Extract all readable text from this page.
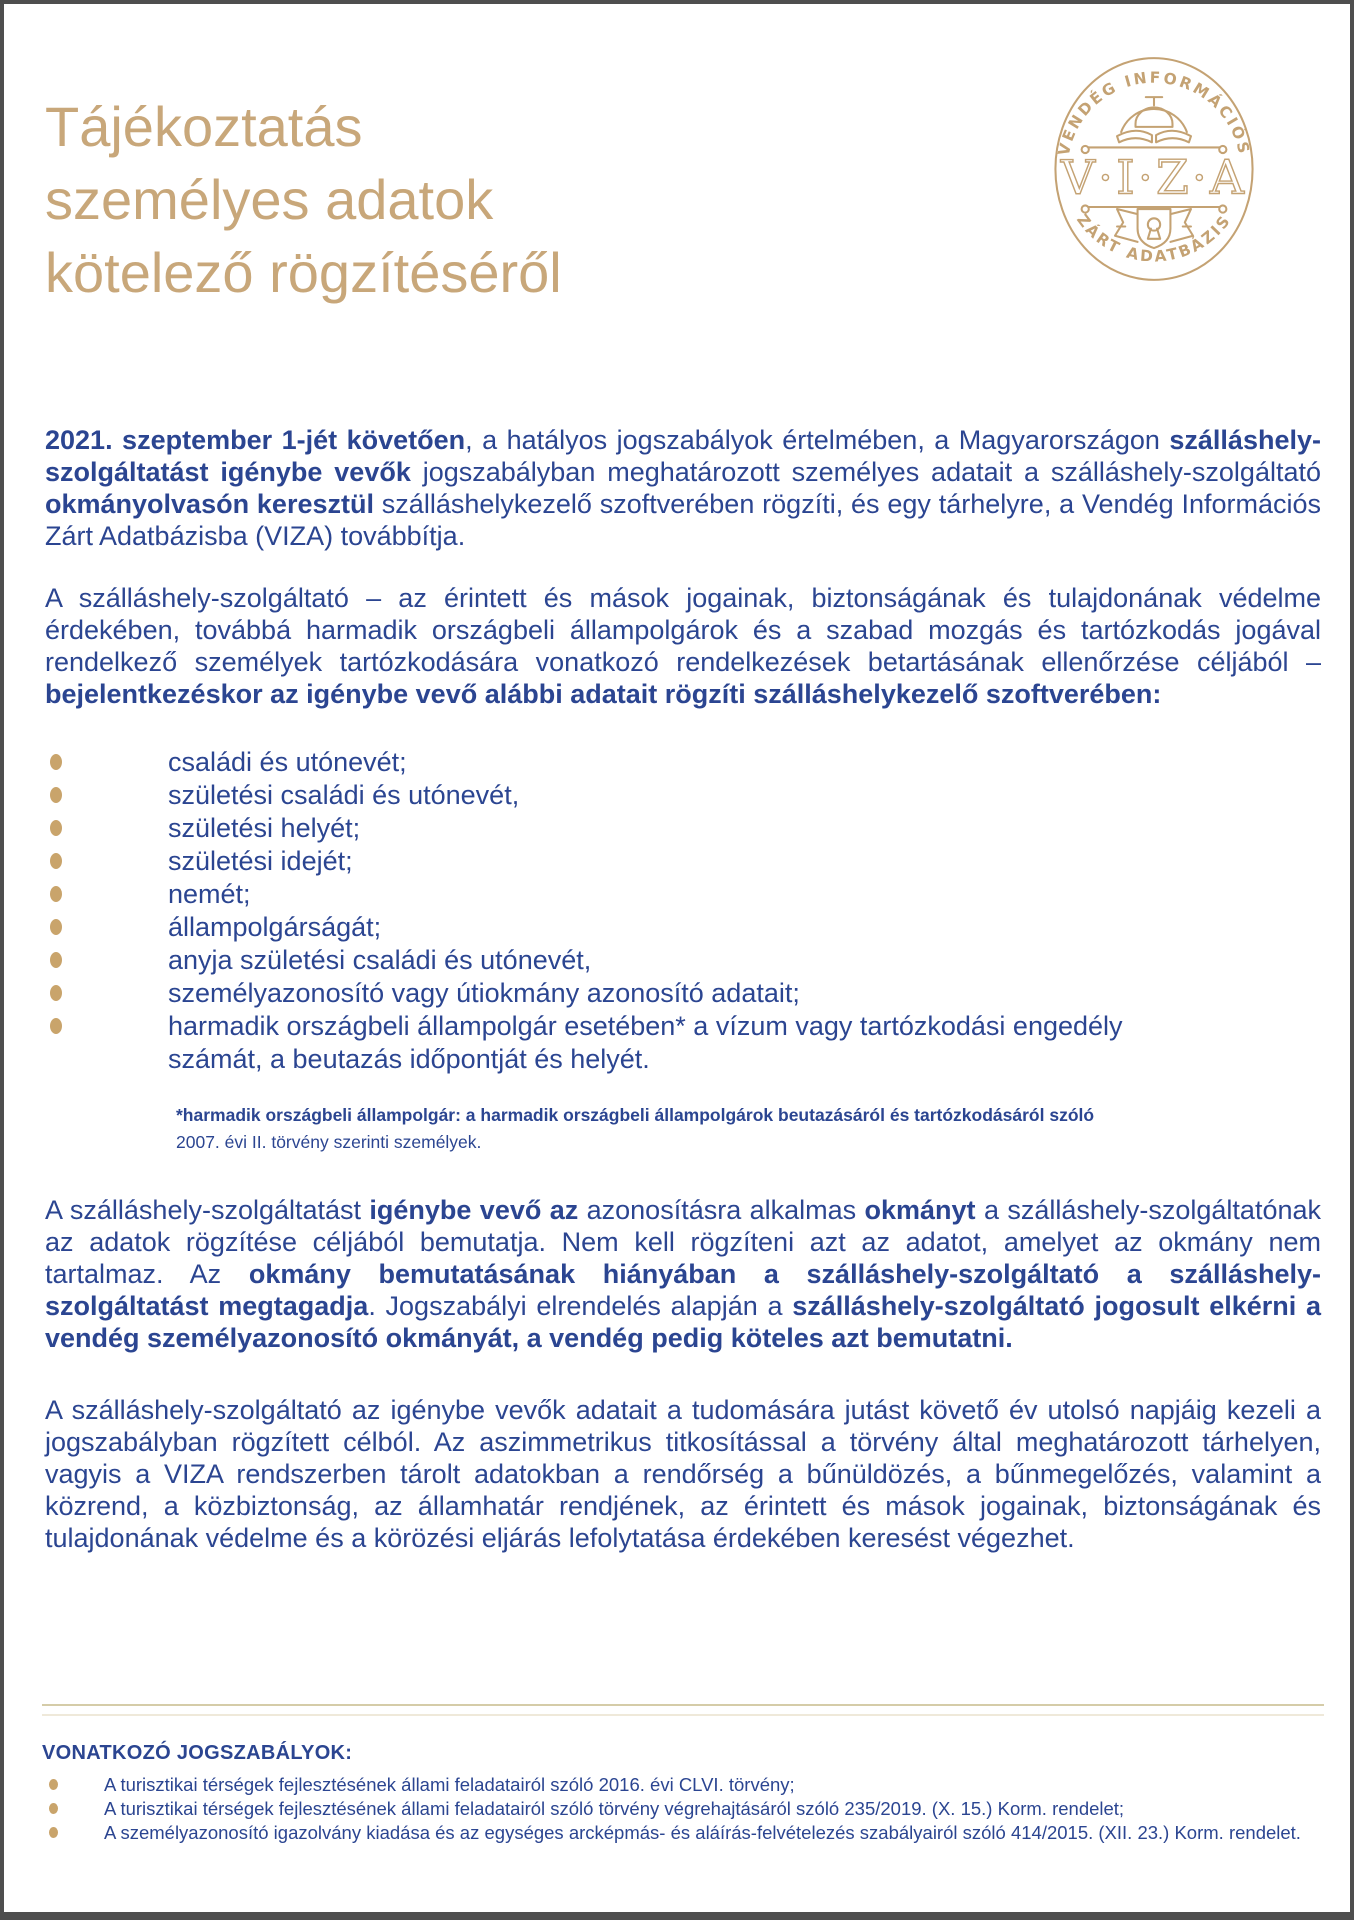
Tájékoztatás
személyes adatok
kötelező rögzítéséről
VENDÉG INFORMÁCIÓS
ZÁRT ADATBÁZIS
V·I·Z·A

2021. szeptember 1-jét követően, a hatályos jogszabályok értelmében, a Magyarországon szálláshely-szolgáltatást igénybe vevők jogszabályban meghatározott személyes adatait a szálláshely-szolgáltató okmányolvasón keresztül szálláshelykezelő szoftverében rögzíti, és egy tárhelyre, a Vendég Információs Zárt Adatbázisba (VIZA) továbbítja.

A szálláshely-szolgáltató – az érintett és mások jogainak, biztonságának és tulajdonának védelme érdekében, továbbá harmadik országbeli állampolgárok és a szabad mozgás és tartózkodás jogával rendelkező személyek tartózkodására vonatkozó rendelkezések betartásának ellenőrzése céljából – bejelentkezéskor az igénybe vevő alábbi adatait rögzíti szálláshelykezelő szoftverében:

családi és utónevét;
születési családi és utónevét,
születési helyét;
születési idejét;
nemét;
állampolgárságát;
anyja születési családi és utónevét,
személyazonosító vagy útiokmány azonosító adatait;
harmadik országbeli állampolgár esetében* a vízum vagy tartózkodási engedély számát, a beutazás időpontját és helyét.
*harmadik országbeli állampolgár: a harmadik országbeli állampolgárok beutazásáról és tartózkodásáról szóló 2007. évi II. törvény szerinti személyek.

A szálláshely-szolgáltatást igénybe vevő az azonosításra alkalmas okmányt a szálláshely-szolgáltatónak az adatok rögzítése céljából bemutatja. Nem kell rögzíteni azt az adatot, amelyet az okmány nem tartalmaz. Az okmány bemutatásának hiányában a szálláshely-szolgáltató a szálláshely-szolgáltatást megtagadja. Jogszabályi elrendelés alapján a szálláshely-szolgáltató jogosult elkérni a vendég személyazonosító okmányát, a vendég pedig köteles azt bemutatni.

A szálláshely-szolgáltató az igénybe vevők adatait a tudomására jutást követő év utolsó napjáig kezeli a jogszabályban rögzített célból. Az aszimmetrikus titkosítással a törvény által meghatározott tárhelyen, vagyis a VIZA rendszerben tárolt adatokban a rendőrség a bűnüldözés, a bűnmegelőzés, valamint a közrend, a közbiztonság, az államhatár rendjének, az érintett és mások jogainak, biztonságának és tulajdonának védelme és a körözési eljárás lefolytatása érdekében keresést végezhet.

VONATKOZÓ JOGSZABÁLYOK:
A turisztikai térségek fejlesztésének állami feladatairól szóló 2016. évi CLVI. törvény;
A turisztikai térségek fejlesztésének állami feladatairól szóló törvény végrehajtásáról szóló 235/2019. (X. 15.) Korm. rendelet;
A személyazonosító igazolvány kiadása és az egységes arcképmás- és aláírás-felvételezés szabályairól szóló 414/2015. (XII. 23.) Korm. rendelet.
